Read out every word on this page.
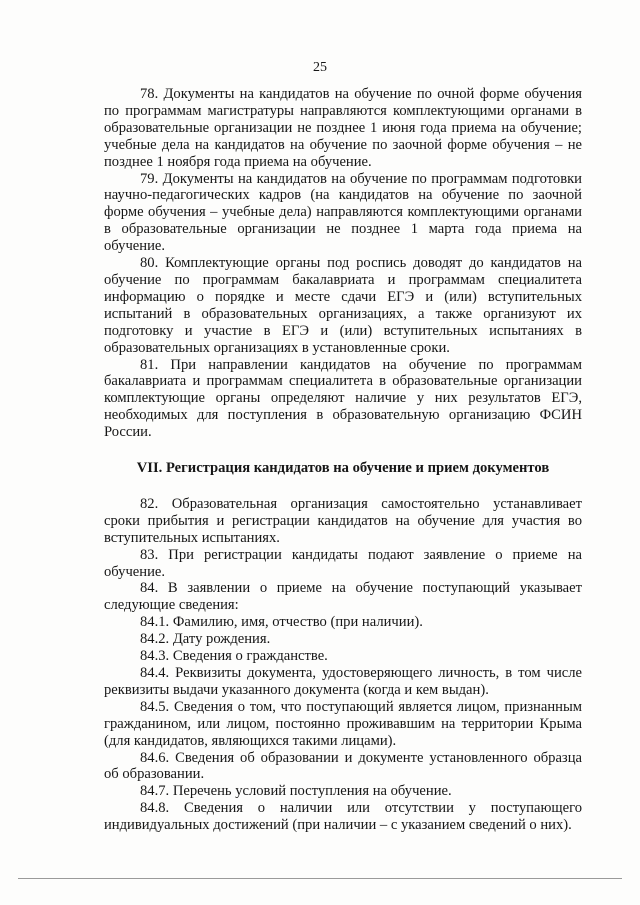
25

78. Документы на кандидатов на обучение по очной форме обучения по программам магистратуры направляются комплектующими органами в образовательные организации не позднее 1 июня года приема на обучение; учебные дела на кандидатов на обучение по заочной форме обучения – не позднее 1 ноября года приема на обучение.

79. Документы на кандидатов на обучение по программам подготовки научно-педагогических кадров (на кандидатов на обучение по заочной форме обучения – учебные дела) направляются комплектующими органами в образовательные организации не позднее 1 марта года приема на обучение.

80. Комплектующие органы под роспись доводят до кандидатов на обучение по программам бакалавриата и программам специалитета информацию о порядке и месте сдачи ЕГЭ и (или) вступительных испытаний в образовательных организациях, а также организуют их подготовку и участие в ЕГЭ и (или) вступительных испытаниях в образовательных организациях в установленные сроки.

81. При направлении кандидатов на обучение по программам бакалавриата и программам специалитета в образовательные организации комплектующие органы определяют наличие у них результатов ЕГЭ, необходимых для поступления в образовательную организацию ФСИН России.

VII. Регистрация кандидатов на обучение и прием документов

82. Образовательная организация самостоятельно устанавливает сроки прибытия и регистрации кандидатов на обучение для участия во вступительных испытаниях.

83. При регистрации кандидаты подают заявление о приеме на обучение.

84. В заявлении о приеме на обучение поступающий указывает следующие сведения:

84.1. Фамилию, имя, отчество (при наличии).

84.2. Дату рождения.

84.3. Сведения о гражданстве.

84.4. Реквизиты документа, удостоверяющего личность, в том числе реквизиты выдачи указанного документа (когда и кем выдан).

84.5. Сведения о том, что поступающий является лицом, признанным гражданином, или лицом, постоянно проживавшим на территории Крыма (для кандидатов, являющихся такими лицами).

84.6. Сведения об образовании и документе установленного образца об образовании.

84.7. Перечень условий поступления на обучение.

84.8. Сведения о наличии или отсутствии у поступающего индивидуальных достижений (при наличии – с указанием сведений о них).
